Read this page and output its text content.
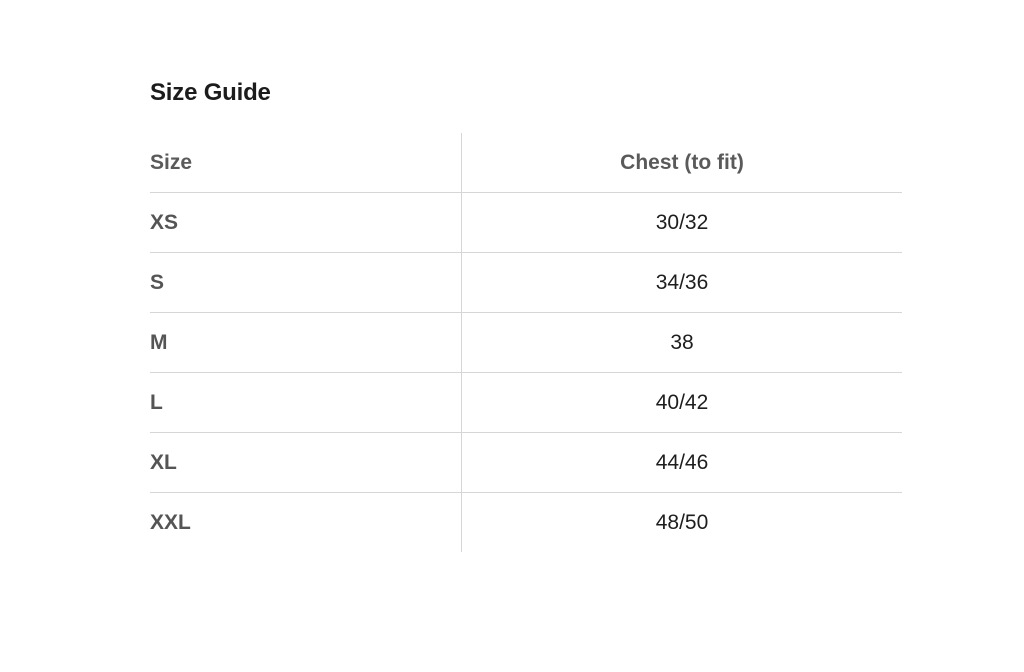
Size Guide
Size	Chest (to fit)
XS	30/32
S	34/36
M	38
L	40/42
XL	44/46
XXL	48/50
